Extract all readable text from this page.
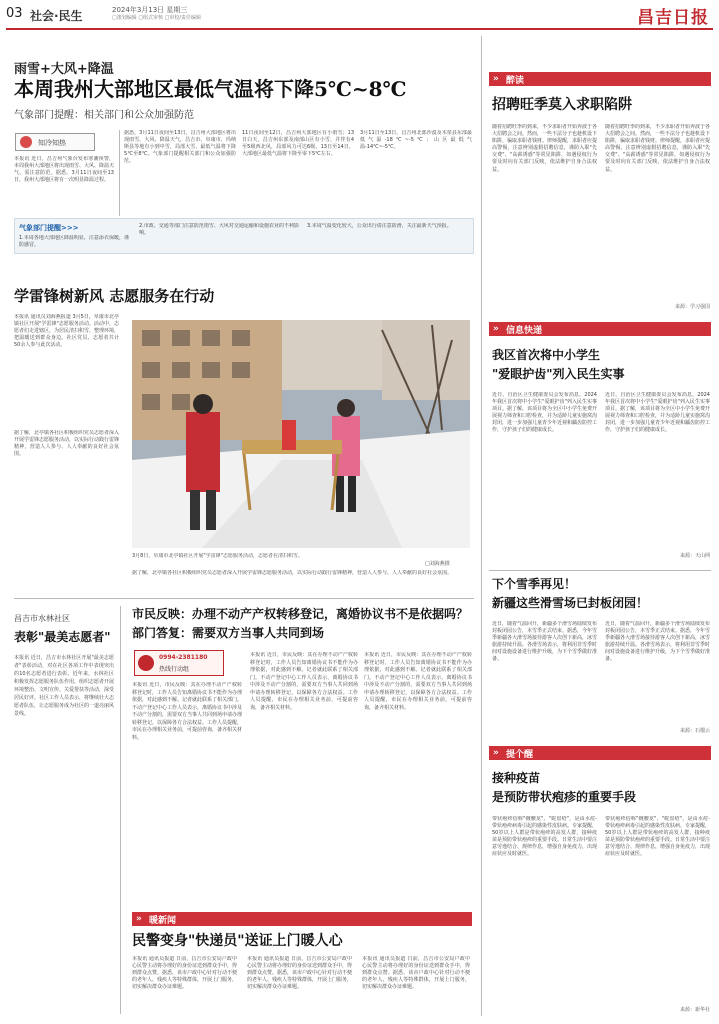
03 社会·民生	2024年3月13日 星期三
□策划编辑 □组式审核 □审校/责任编辑	昌吉日报
雨雪+大风+降温
本周我州大部地区最低气温将下降5℃~8℃
气象部门提醒：相关部门和公众加强防范
知冷知热
本报讯 近日，昌吉州气象台发布寒潮预警，本周我州大部地区将出现雨雪、大风、降温天气，需注意防范。据悉，3月11日夜间至13日，我州大部地区将有一次明显降温过程。
据悉，3月11日夜间至13日，昌吉州大部地区将出现雨雪、大风、降温天气，昌吉市、阜康市、玛纳斯县等地有小到中雪，局部大雪，最低气温将下降5℃至8℃。气象部门提醒相关部门和公众加强防范。
11日夜间至12日，昌吉州大部地区有小雨雪；13日白天，昌吉州东部及南部山区有小雪，并伴有4至5级西北风，局部风力可达6级。13日至14日，大部地区最低气温将下降至零下5℃左右。
3月11日至13日，昌吉州北部沙漠及木垒县东部最低气温-18℃~-5℃；山区最低气温-14℃~-5℃。
气象部门提醒>>>
1.本周各地大部地区降温明显，注意添衣保暖，谨防感冒。
2.市政、交通等部门注意防范雨雪、大风对交通运输和设施农业的不利影响。
3.本周气温变化较大，公众出行请注意防滑，关注最新天气预报。
学雷锋树新风 志愿服务在行动
本报讯 通讯员刘海燕报道 3月5日，阜康市北亭镇社区开展"学雷锋"志愿服务活动。活动中，志愿者们走进辖区，为居民清扫积雪、整理环境，把温暖送到群众身边。社区党员、志愿者共计50余人参与此次活动。
据了解，北亭镇各社区积极组织党员志愿者深入开展学雷锋志愿服务活动，以实际行动践行雷锋精神，营造人人参与、人人奉献的良好社会氛围。
3月8日，阜康市北亭镇社区开展"学雷锋"志愿服务活动，志愿者在清扫积雪。
□刘海燕摄
据了解，北亭镇各社区积极组织党员志愿者深入开展学雷锋志愿服务活动，以实际行动践行雷锋精神，营造人人参与、人人奉献的良好社会氛围。
昌吉市水林社区
表彰"最美志愿者"
本报讯 近日，昌吉市水林社区开展"最美志愿者"表彰活动，对在社区各项工作中表现突出的10名志愿者进行表彰。近年来，水林社区积极发挥志愿服务队伍作用，组织志愿者开展环境整治、文明宣传、关爱帮扶等活动，深受居民好评。社区工作人员表示，将继续壮大志愿者队伍，让志愿服务成为社区的一道亮丽风景线。
市民反映：办理不动产产权转移登记，离婚协议书不是依据吗？
部门答复：需要双方当事人共同到场
0994-2381180
热线行动组
本报讯 近日，市民反映：其在办理不动产产权转移登记时，工作人员告知离婚协议书不能作为办理依据，对此感到不解。记者就此联系了相关部门。不动产登记中心工作人员表示，离婚协议书中涉及不动产分割的，需要双方当事人共同到场申请办理转移登记，以保障各方合法权益。工作人员提醒，市民在办理相关业务前，可提前咨询，备齐相关材料。
本报讯 近日，市民反映：其在办理不动产产权转移登记时，工作人员告知离婚协议书不能作为办理依据，对此感到不解。记者就此联系了相关部门。不动产登记中心工作人员表示，离婚协议书中涉及不动产分割的，需要双方当事人共同到场申请办理转移登记，以保障各方合法权益。工作人员提醒，市民在办理相关业务前，可提前咨询，备齐相关材料。
本报讯 近日，市民反映：其在办理不动产产权转移登记时，工作人员告知离婚协议书不能作为办理依据，对此感到不解。记者就此联系了相关部门。不动产登记中心工作人员表示，离婚协议书中涉及不动产分割的，需要双方当事人共同到场申请办理转移登记，以保障各方合法权益。工作人员提醒，市民在办理相关业务前，可提前咨询，备齐相关材料。
» 暖新闻
民警变身"快递员"送证上门暖人心
本报讯 通讯员报道 日前，昌吉市公安局户政中心民警主动将办理好的身份证送到群众手中，得到群众点赞。据悉，该市户政中心针对行动不便的老年人、残疾人等特殊群体，开展上门服务，切实解决群众办证难题。
本报讯 通讯员报道 日前，昌吉市公安局户政中心民警主动将办理好的身份证送到群众手中，得到群众点赞。据悉，该市户政中心针对行动不便的老年人、残疾人等特殊群体，开展上门服务，切实解决群众办证难题。
本报讯 通讯员报道 日前，昌吉市公安局户政中心民警主动将办理好的身份证送到群众手中，得到群众点赞。据悉，该市户政中心针对行动不便的老年人、残疾人等特殊群体，开展上门服务，切实解决群众办证难题。
» 醉读
招聘旺季莫入求职陷阱
随着招聘旺季的到来，不少求职者开始奔波于各大招聘会之间。然而，一些不法分子也趁机设下陷阱，骗取求职者钱财。律师提醒，求职者应提高警惕，注意辨别虚假招聘信息，谨防入职"先交费"、"高薪诱惑"等常见陷阱，如遇侵权行为要及时向有关部门反映，依法维护自身合法权益。
随着招聘旺季的到来，不少求职者开始奔波于各大招聘会之间。然而，一些不法分子也趁机设下陷阱，骗取求职者钱财。律师提醒，求职者应提高警惕，注意辨别虚假招聘信息，谨防入职"先交费"、"高薪诱惑"等常见陷阱，如遇侵权行为要及时向有关部门反映，依法维护自身合法权益。
来源：学习强国
» 信息快递
我区首次将中小学生
"爱眼护齿"列入民生实事
近日，自治区卫生健康委员会发布消息，2024年我区首次将中小学生"爱眼护齿"列入民生实事项目。据了解，该项目将为全区中小学生免费开展视力筛查和口腔检查，并为适龄儿童实施窝沟封闭，进一步加强儿童青少年近视和龋齿防控工作，守护孩子们的健康成长。
近日，自治区卫生健康委员会发布消息，2024年我区首次将中小学生"爱眼护齿"列入民生实事项目。据了解，该项目将为全区中小学生免费开展视力筛查和口腔检查，并为适龄儿童实施窝沟封闭，进一步加强儿童青少年近视和龋齿防控工作，守护孩子们的健康成长。
来源：天山网
下个雪季再见！
新疆这些滑雪场已封板闭园！
近日，随着气温回升，新疆多个滑雪场陆续发布封板闭园公告，本雪季正式结束。据悉，今年雪季新疆各大滑雪场接待游客人次创下新高，冰雪旅游持续升温。各滑雪场表示，将利用非雪季时间对设施设备进行维护升级，为下个雪季做好准备。
近日，随着气温回升，新疆多个滑雪场陆续发布封板闭园公告，本雪季正式结束。据悉，今年雪季新疆各大滑雪场接待游客人次创下新高，冰雪旅游持续升温。各滑雪场表示，将利用非雪季时间对设施设备进行维护升级，为下个雪季做好准备。
来源：石榴云
» 提个醒
接种疫苗
是预防带状疱疹的重要手段
带状疱疹俗称"缠腰龙"、"蛇盘疮"，是由水痘-带状疱疹病毒引起的感染性皮肤病。专家提醒，50岁以上人群是带状疱疹的高发人群，接种疫苗是预防带状疱疹的重要手段。日常生活中要注意劳逸结合、规律作息，增强自身免疫力，出现症状应及时就医。
带状疱疹俗称"缠腰龙"、"蛇盘疮"，是由水痘-带状疱疹病毒引起的感染性皮肤病。专家提醒，50岁以上人群是带状疱疹的高发人群，接种疫苗是预防带状疱疹的重要手段。日常生活中要注意劳逸结合、规律作息，增强自身免疫力，出现症状应及时就医。
来源：新华社
